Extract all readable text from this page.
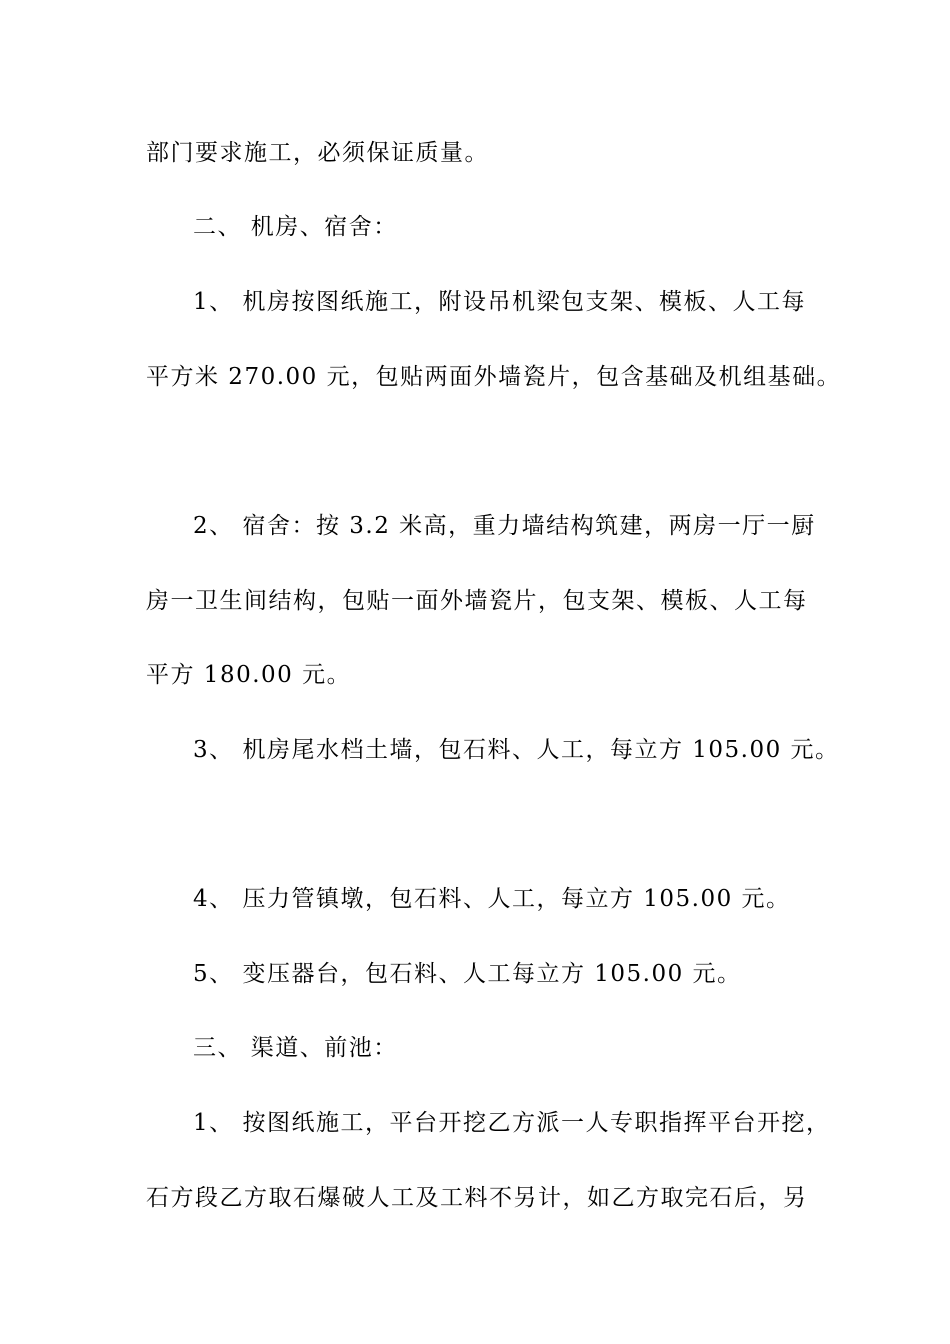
部门要求施工，必须保证质量。
二、 机房、宿舍：
1、 机房按图纸施工，附设吊机梁包支架、模板、人工每
平方米 270.00 元，包贴两面外墙瓷片，包含基础及机组基础。
2、 宿舍：按 3.2 米高，重力墙结构筑建，两房一厅一厨
房一卫生间结构，包贴一面外墙瓷片，包支架、模板、人工每
平方 180.00 元。
3、 机房尾水档土墙，包石料、人工，每立方 105.00 元。
4、 压力管镇墩，包石料、人工，每立方 105.00 元。
5、 变压器台，包石料、人工每立方 105.00 元。
三、 渠道、前池：
1、 按图纸施工，平台开挖乙方派一人专职指挥平台开挖，
石方段乙方取石爆破人工及工料不另计，如乙方取完石后，另
